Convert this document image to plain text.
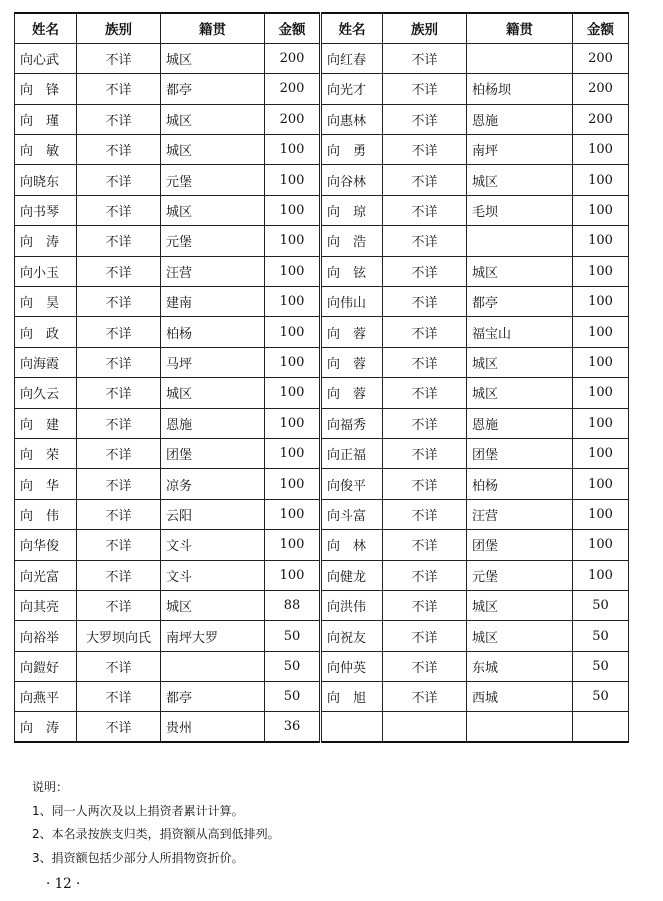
姓名	族别	籍贯	金额	姓名	族别	籍贯	金额
向心武	不详	城区	200	向红春	不详		200
向　锋	不详	都亭	200	向光才	不详	柏杨坝	200
向　瑾	不详	城区	200	向惠林	不详	恩施	200
向　敏	不详	城区	100	向　勇	不详	南坪	100
向晓东	不详	元堡	100	向谷林	不详	城区	100
向书琴	不详	城区	100	向　琼	不详	毛坝	100
向　涛	不详	元堡	100	向　浩	不详		100
向小玉	不详	汪营	100	向　铉	不详	城区	100
向　昊	不详	建南	100	向伟山	不详	都亭	100
向　政	不详	柏杨	100	向　蓉	不详	福宝山	100
向海霞	不详	马坪	100	向　蓉	不详	城区	100
向久云	不详	城区	100	向　蓉	不详	城区	100
向　建	不详	恩施	100	向福秀	不详	恩施	100
向　荣	不详	团堡	100	向正福	不详	团堡	100
向　华	不详	凉务	100	向俊平	不详	柏杨	100
向　伟	不详	云阳	100	向斗富	不详	汪营	100
向华俊	不详	文斗	100	向　林	不详	团堡	100
向光富	不详	文斗	100	向健龙	不详	元堡	100
向其亮	不详	城区	88	向洪伟	不详	城区	50
向裕举	大罗坝向氏	南坪大罗	50	向祝友	不详	城区	50
向鎧好	不详		50	向仲英	不详	东城	50
向燕平	不详	都亭	50	向　旭	不详	西城	50
向　涛	不详	贵州	36				

说明：

1、同一人两次及以上捐资者累计计算。

2、本名录按族支归类，捐资额从高到低排列。

3、捐资额包括少部分人所捐物资折价。

· 12 ·
